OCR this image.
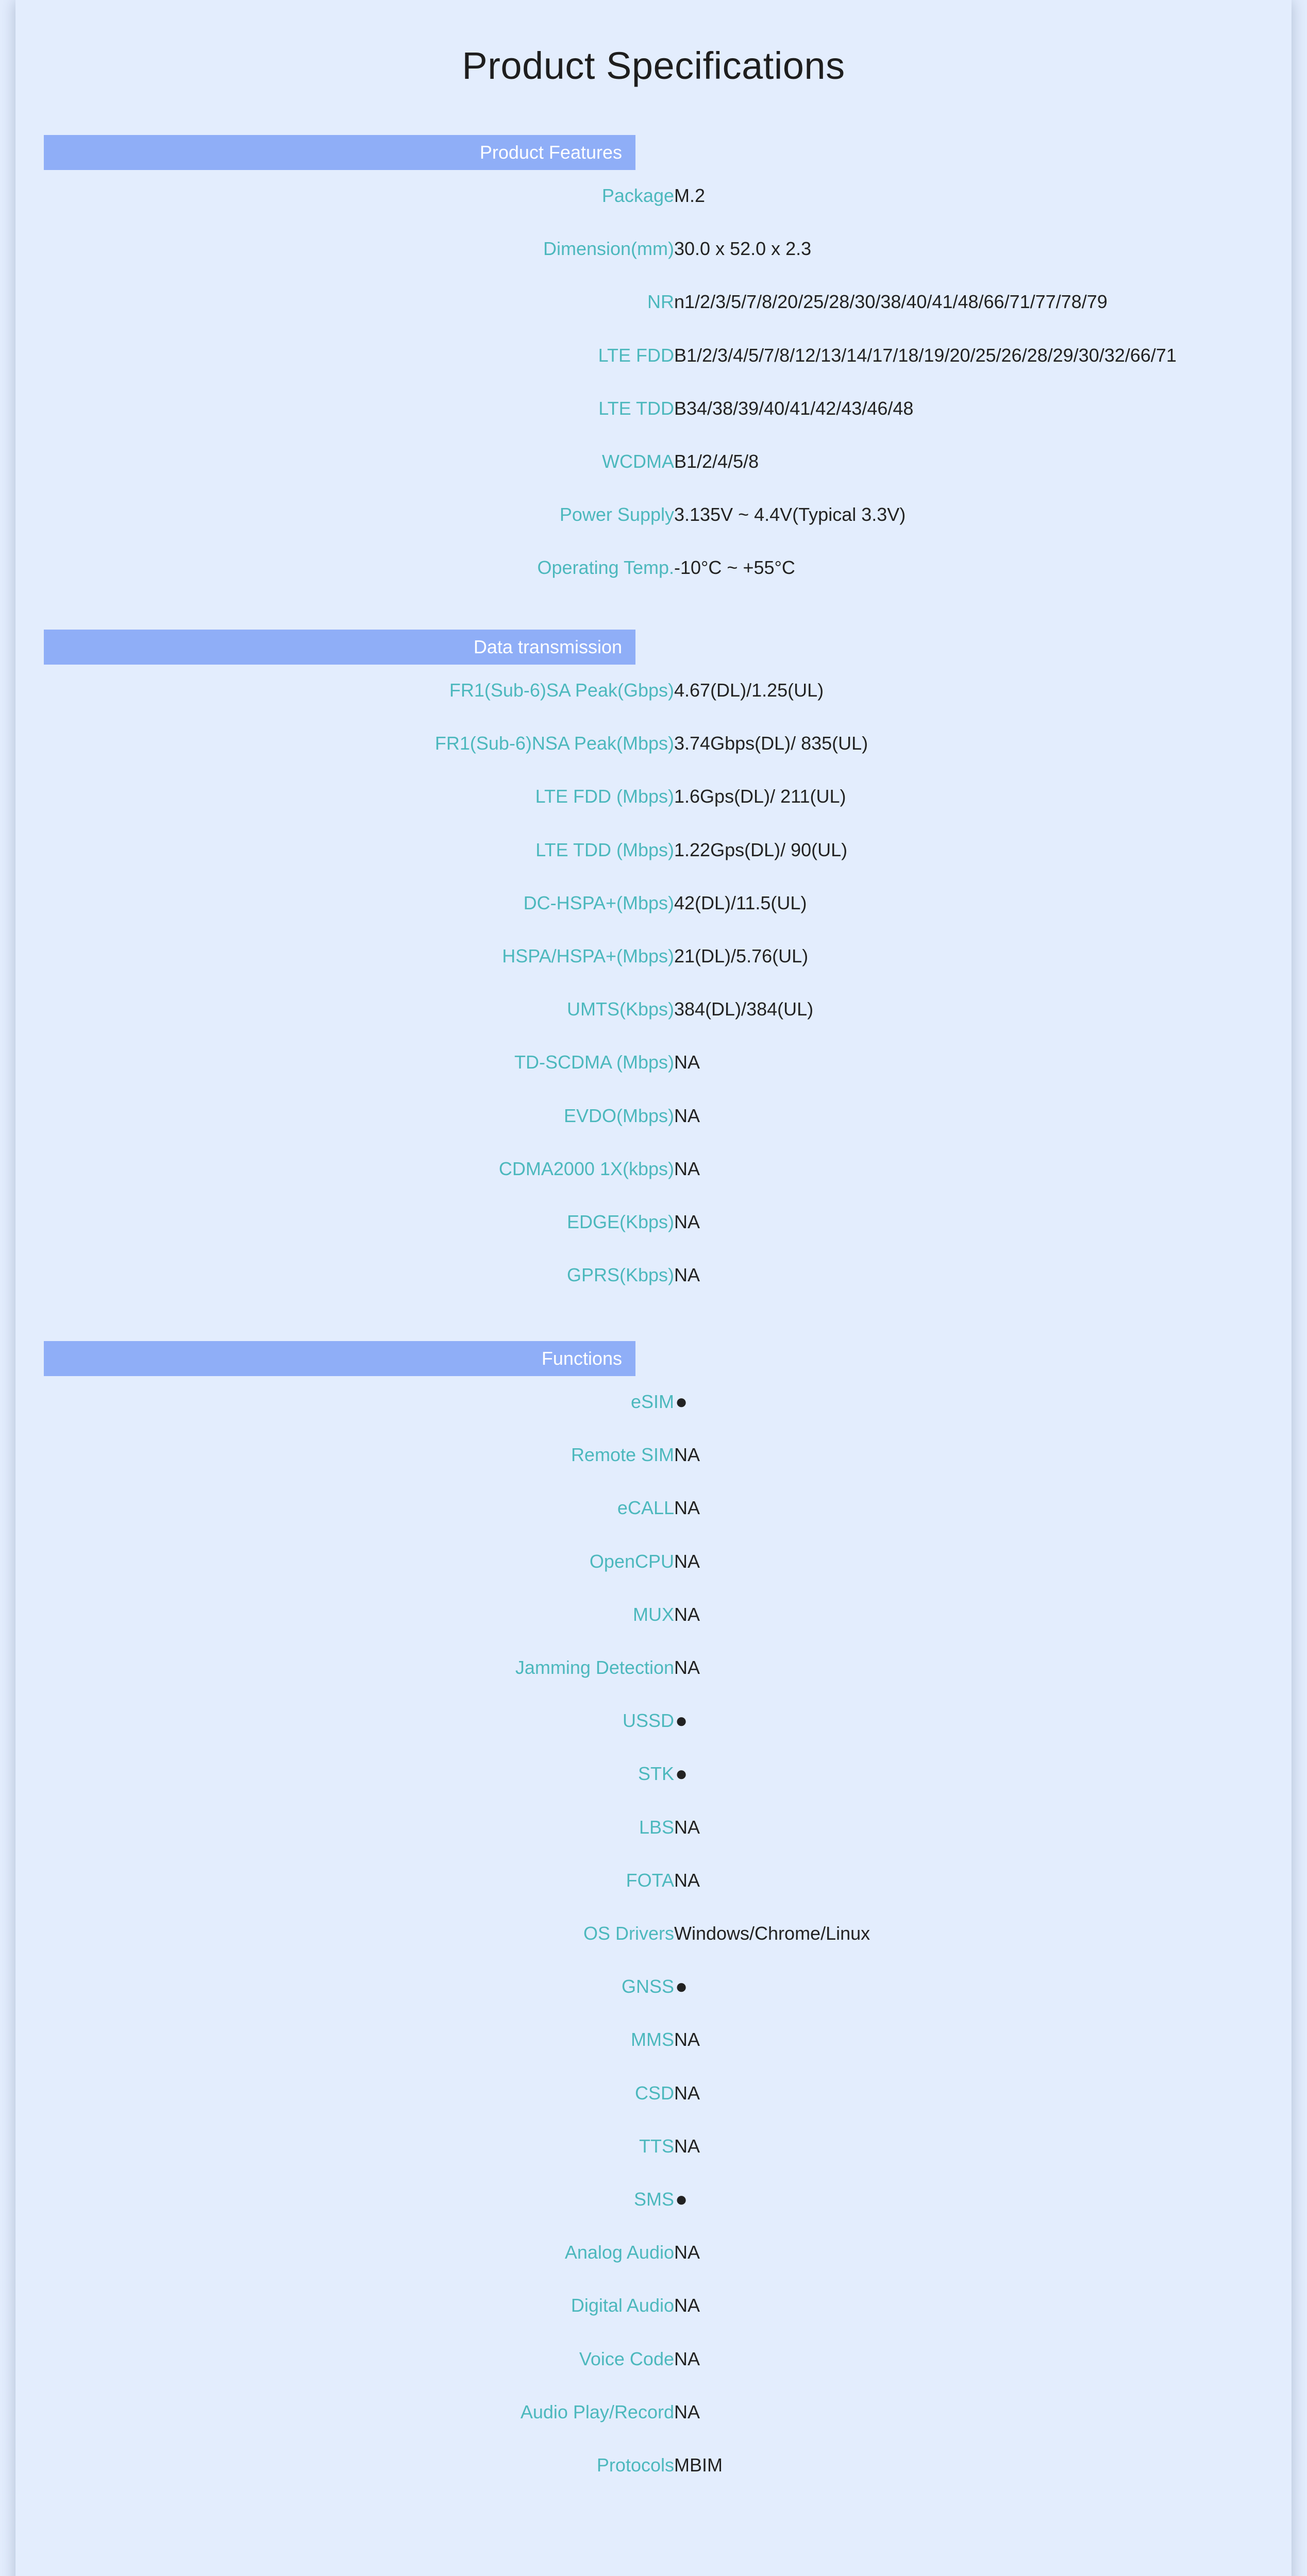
Product Specifications
Product Features
Package M.2
Dimension(mm) 30.0 x 52.0 x 2.3
NR n1/2/3/5/7/8/20/25/28/30/38/40/41/48/66/71/77/78/79
LTE FDD B1/2/3/4/5/7/8/12/13/14/17/18/19/20/25/26/28/29/30/32/66/71
LTE TDD B34/38/39/40/41/42/43/46/48
WCDMA B1/2/4/5/8
Power Supply 3.135V ~ 4.4V(Typical 3.3V)
Operating Temp. -10°C ~ +55°C
Data transmission
FR1(Sub-6)SA Peak(Gbps) 4.67(DL)/1.25(UL)
FR1(Sub-6)NSA Peak(Mbps) 3.74Gbps(DL)/ 835(UL)
LTE FDD (Mbps) 1.6Gps(DL)/ 211(UL)
LTE TDD (Mbps) 1.22Gps(DL)/ 90(UL)
DC-HSPA+(Mbps) 42(DL)/11.5(UL)
HSPA/HSPA+(Mbps) 21(DL)/5.76(UL)
UMTS(Kbps) 384(DL)/384(UL)
TD-SCDMA (Mbps) NA
EVDO(Mbps) NA
CDMA2000 1X(kbps) NA
EDGE(Kbps) NA
GPRS(Kbps) NA
Functions
eSIM ●
Remote SIM NA
eCALL NA
OpenCPU NA
MUX NA
Jamming Detection NA
USSD ●
STK ●
LBS NA
FOTA NA
OS Drivers Windows/Chrome/Linux
GNSS ●
MMS NA
CSD NA
TTS NA
SMS ●
Analog Audio NA
Digital Audio NA
Voice Code NA
Audio Play/Record NA
Protocols MBIM
